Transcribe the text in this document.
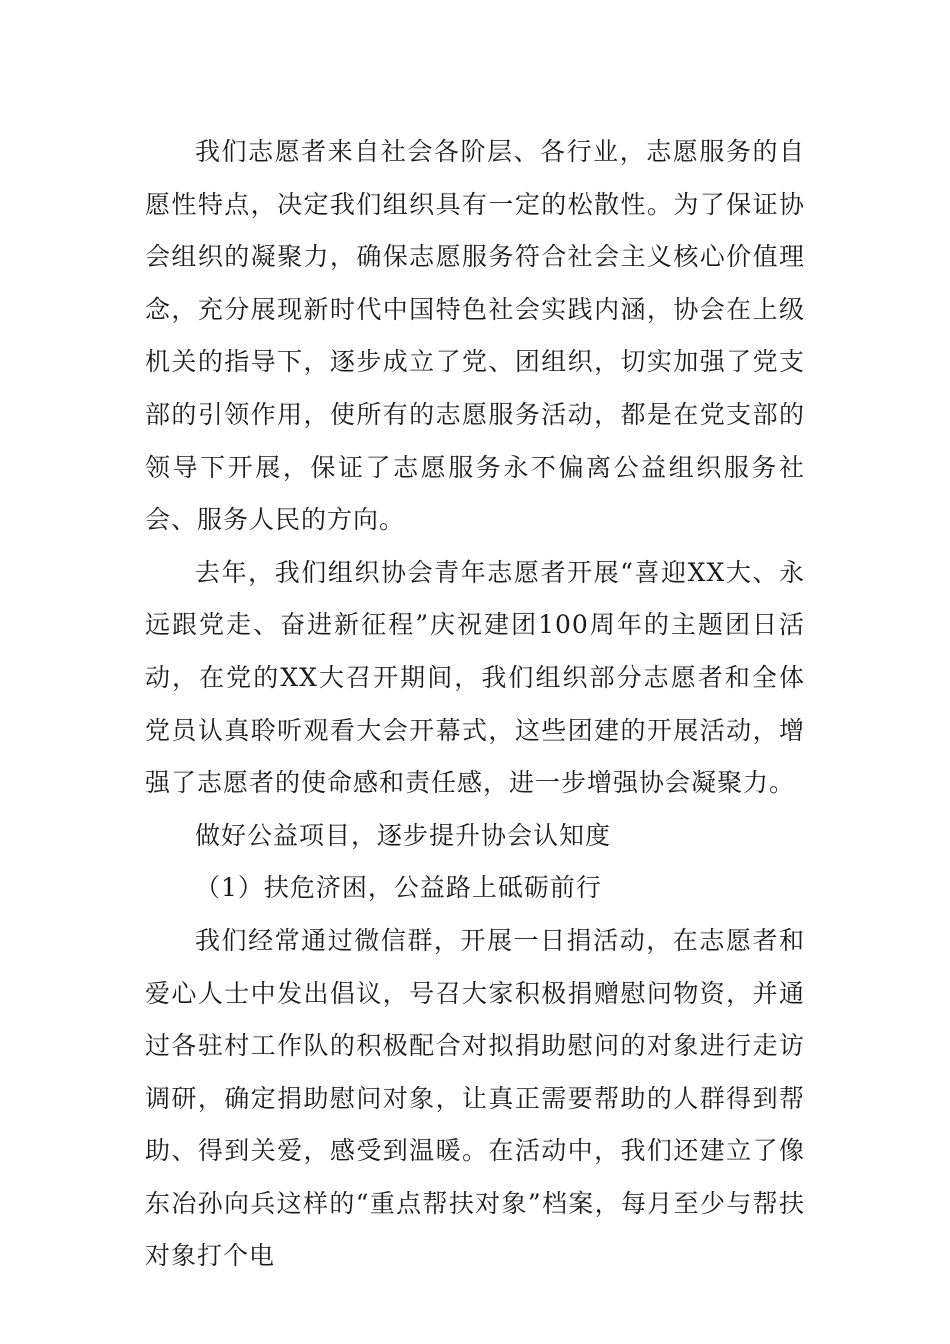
我们志愿者来自社会各阶层、各行业，志愿服务的自愿性特点，决定我们组织具有一定的松散性。为了保证协会组织的凝聚力，确保志愿服务符合社会主义核心价值理念，充分展现新时代中国特色社会实践内涵，协会在上级机关的指导下，逐步成立了党、团组织，切实加强了党支部的引领作用，使所有的志愿服务活动，都是在党支部的领导下开展，保证了志愿服务永不偏离公益组织服务社会、服务人民的方向。

去年，我们组织协会青年志愿者开展“喜迎XX大、永远跟党走、奋进新征程”庆祝建团100周年的主题团日活动，在党的XX大召开期间，我们组织部分志愿者和全体党员认真聆听观看大会开幕式，这些团建的开展活动，增强了志愿者的使命感和责任感，进一步增强协会凝聚力。

做好公益项目，逐步提升协会认知度

（1）扶危济困，公益路上砥砺前行

我们经常通过微信群，开展一日捐活动，在志愿者和爱心人士中发出倡议，号召大家积极捐赠慰问物资，并通过各驻村工作队的积极配合对拟捐助慰问的对象进行走访调研，确定捐助慰问对象，让真正需要帮助的人群得到帮助、得到关爱，感受到温暖。在活动中，我们还建立了像东冶孙向兵这样的“重点帮扶对象”档案，每月至少与帮扶对象打个电
